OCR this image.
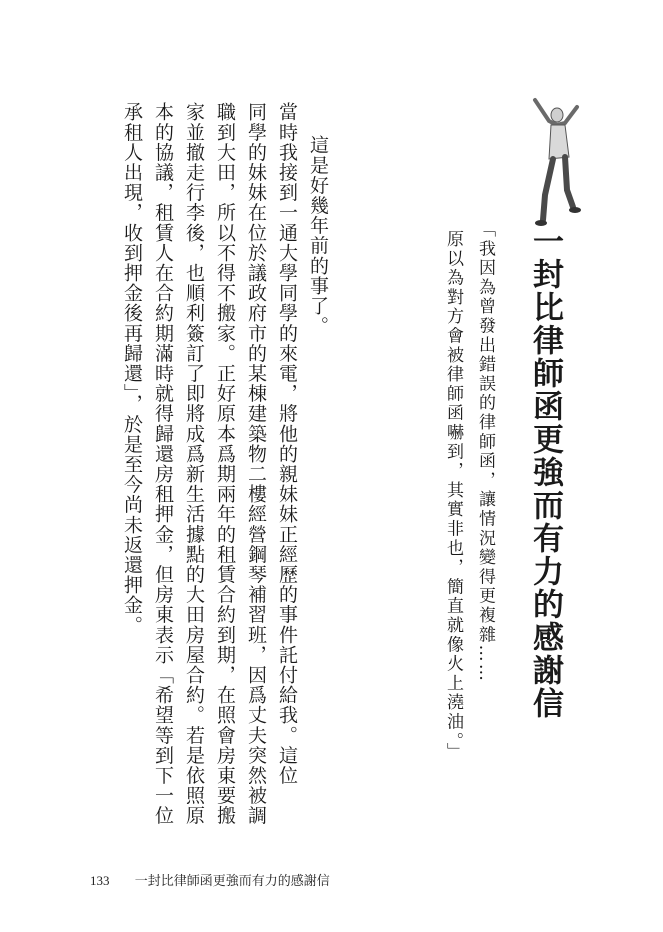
一封比律師函更強而有力的感謝信
「我因為曾發出錯誤的律師函，讓情況變得更複雜……
原以為對方會被律師函嚇到，其實非也，簡直就像火上澆油。」
這是好幾年前的事了。
當時我接到一通大學同學的來電，將他的親妹妹正經歷的事件託付給我。這位
同學的妹妹在位於議政府市的某棟建築物二樓經營鋼琴補習班，因爲丈夫突然被調
職到大田，所以不得不搬家。正好原本爲期兩年的租賃合約到期，在照會房東要搬
家並撤走行李後，也順利簽訂了即將成爲新生活據點的大田房屋合約。若是依照原
本的協議，租賃人在合約期滿時就得歸還房租押金，但房東表示「希望等到下一位
承租人出現，收到押金後再歸還」，於是至今尚未返還押金。
133 一封比律師函更強而有力的感謝信
